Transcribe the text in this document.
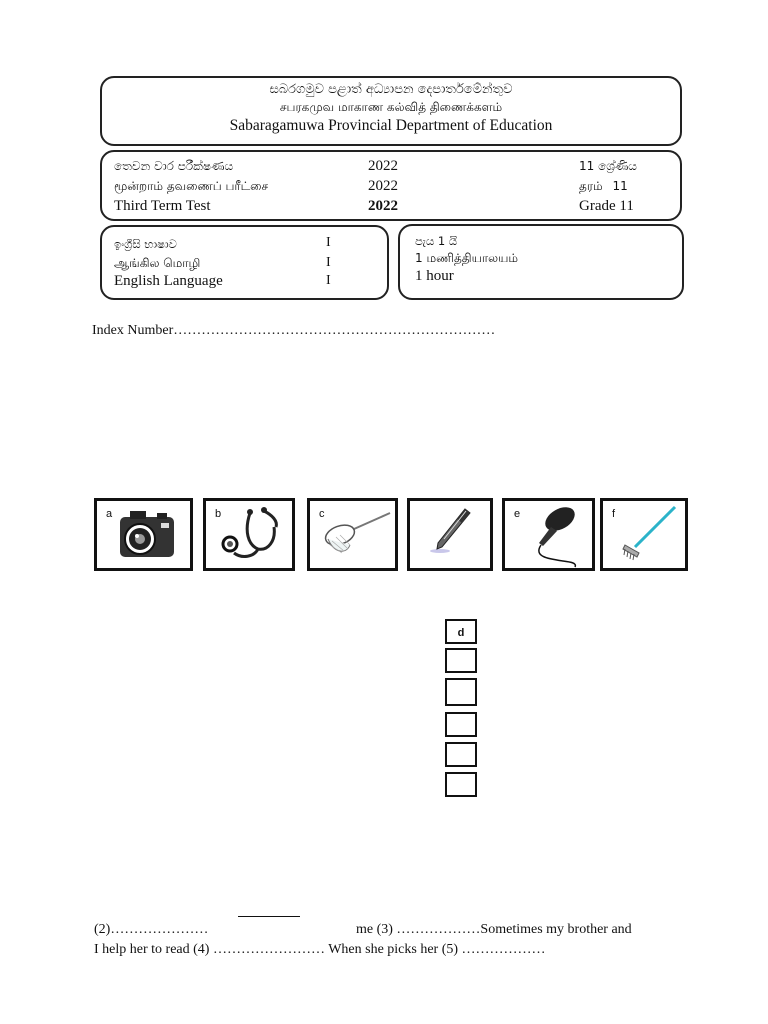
සබරගමුව පළාත් අධ්‍යාපන දෙපාර්තමේන්තුව
சபரகமுவ மாகாண கல்வித் திணைக்களம்
Sabaragamuwa Provincial Department of Education
තෙවන වාර පරීක්ෂණය	2022	11 ශ්‍රේණිය
மூன்றாம் தவணைப் பரீட்சை	2022	தரம் 11
Third Term Test	2022	Grade 11
ඉංග්‍රීසි භාෂාව	I
ஆங்கில மொழி	I
English Language	I
පැය 1 යි
1 மணித்தியாலயம்
1 hour
Index Number……………………………………………………………
a	b	c	e	f
d
(2)…………………	me (3) ………………Sometimes my brother and
I help her to read (4) …………………… When she picks her (5) ………………
